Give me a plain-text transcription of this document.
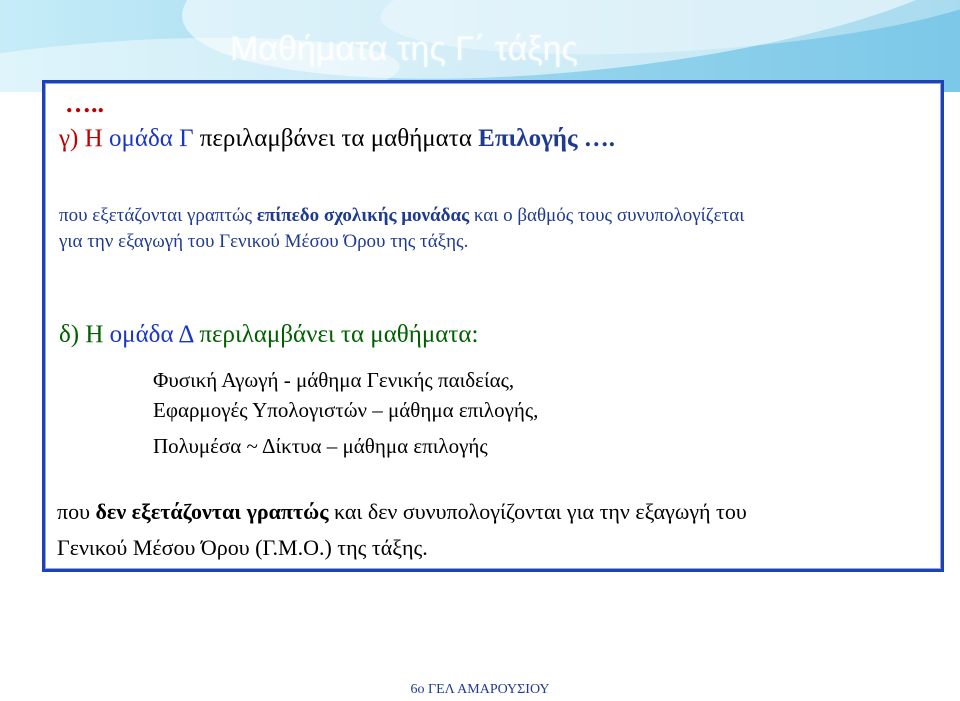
Μαθήματα της Γ΄ τάξης
…..
γ) Η ομάδα Γ περιλαμβάνει τα μαθήματα Επιλογής ….
που εξετάζονται γραπτώς επίπεδο σχολικής μονάδας και ο βαθμός τους συνυπολογίζεται
για την εξαγωγή του Γενικού Μέσου Όρου της τάξης.
δ) Η ομάδα Δ περιλαμβάνει τα μαθήματα:
Φυσική Αγωγή - μάθημα Γενικής παιδείας,
Εφαρμογές Υπολογιστών – μάθημα επιλογής,
Πολυμέσα ~ Δίκτυα – μάθημα επιλογής
που δεν εξετάζονται γραπτώς και δεν συνυπολογίζονται για την εξαγωγή του
Γενικού Μέσου Όρου (Γ.Μ.Ο.) της τάξης.
6ο ΓΕΛ ΑΜΑΡΟΥΣΙΟΥ
